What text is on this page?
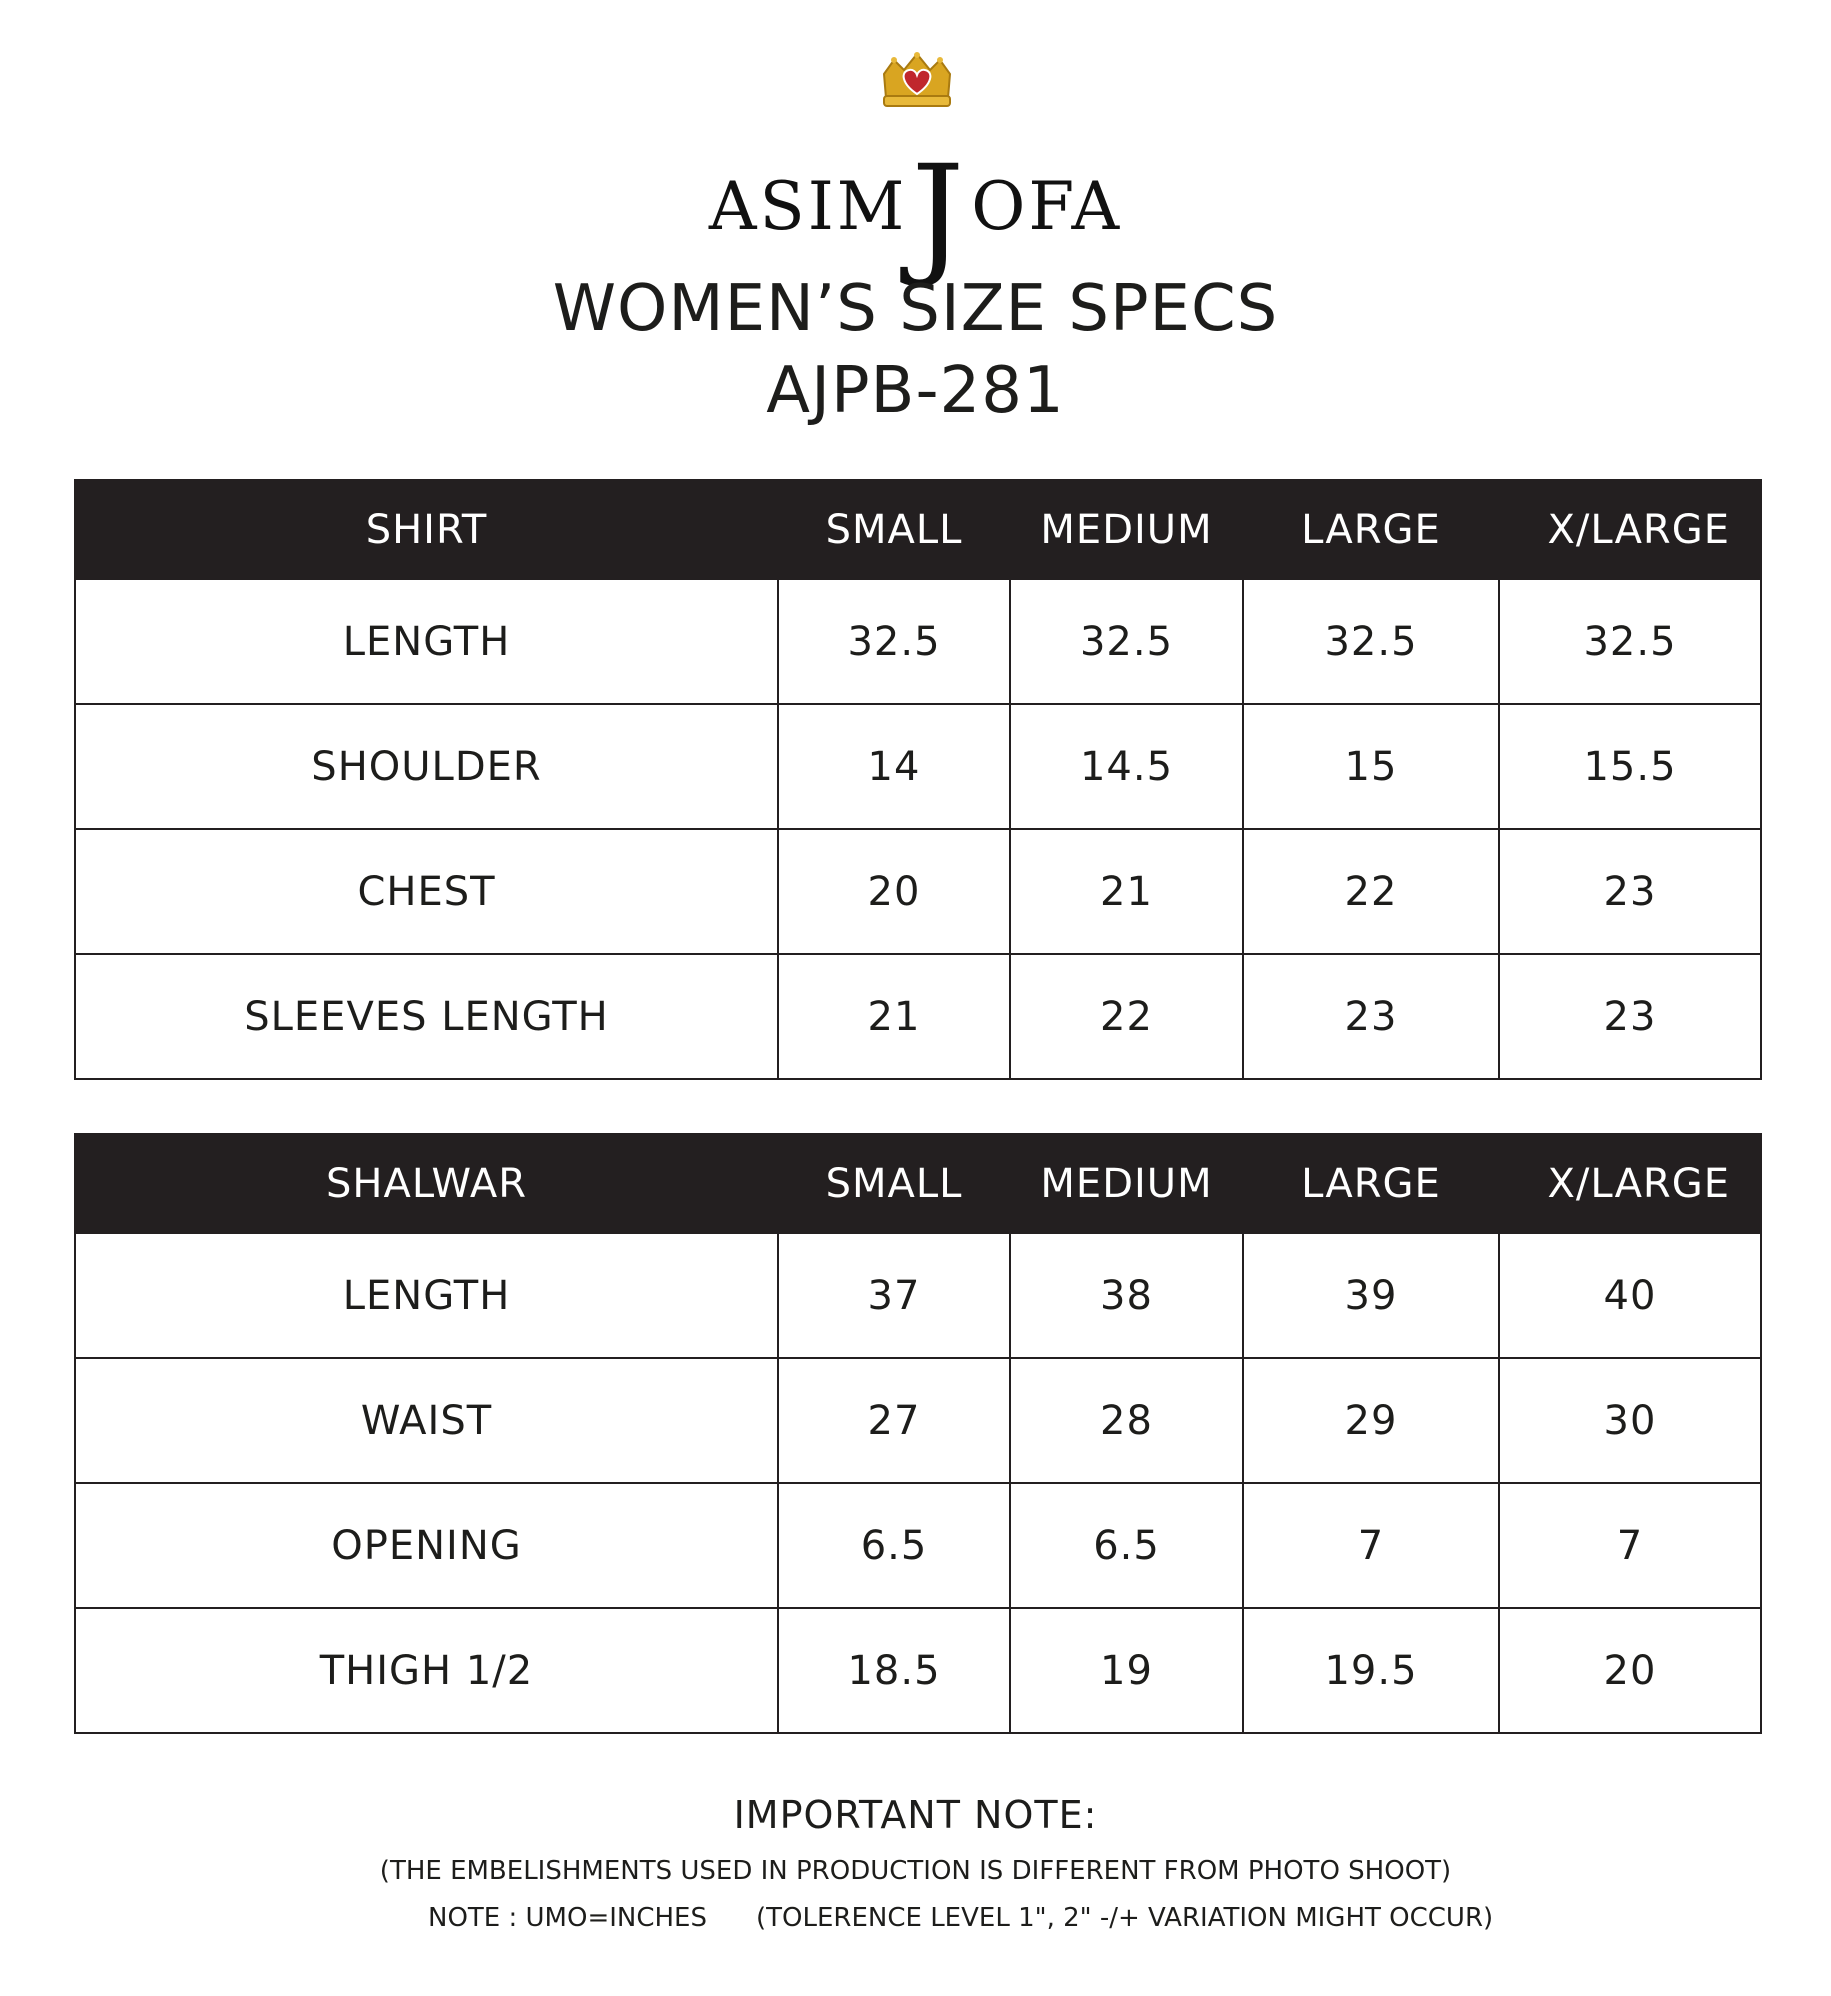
ASIMJOFA
WOMEN’S SIZE SPECS
AJPB-281
SHIRT	SMALL	MEDIUM	LARGE	X/LARGE
LENGTH	32.5	32.5	32.5	32.5
SHOULDER	14	14.5	15	15.5
CHEST	20	21	22	23
SLEEVES LENGTH	21	22	23	23
SHALWAR	SMALL	MEDIUM	LARGE	X/LARGE
LENGTH	37	38	39	40
WAIST	27	28	29	30
OPENING	6.5	6.5	7	7
THIGH 1/2	18.5	19	19.5	20
IMPORTANT NOTE:
(THE EMBELISHMENTS USED IN PRODUCTION IS DIFFERENT FROM PHOTO SHOOT)
NOTE : UMO=INCHES (TOLERENCE LEVEL 1", 2" -/+ VARIATION MIGHT OCCUR)
